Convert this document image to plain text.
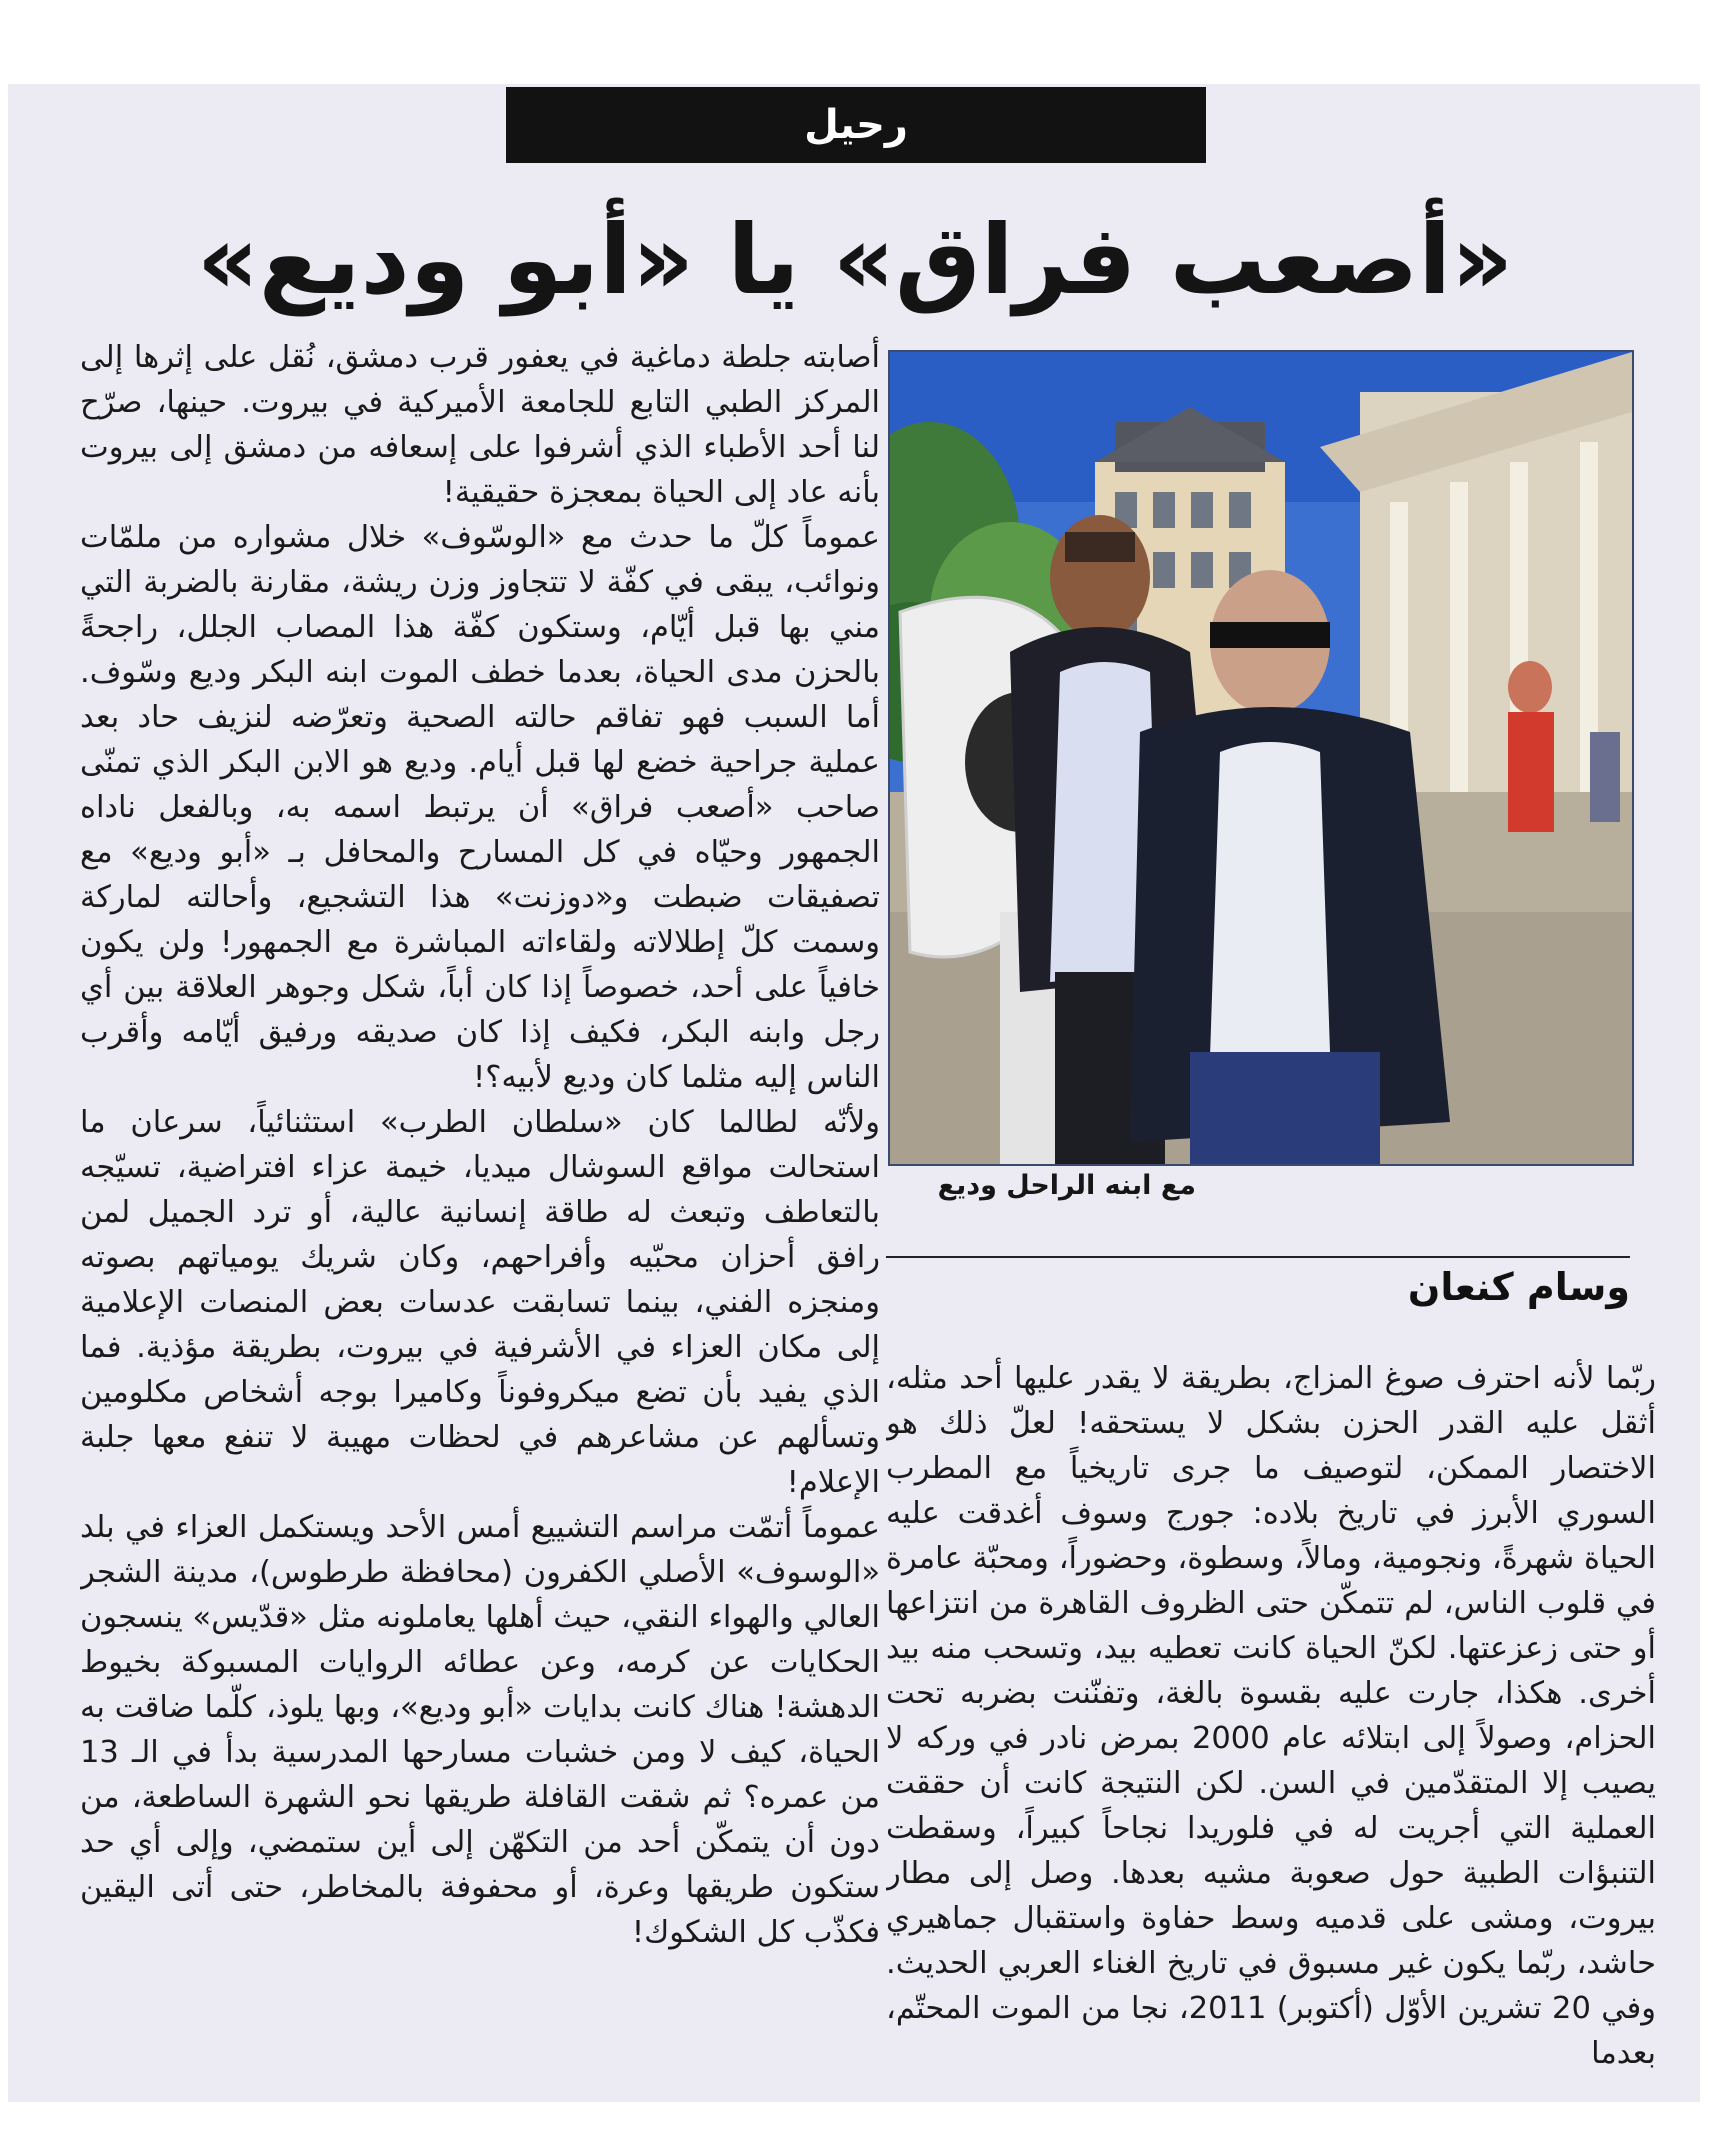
رحيل
«أصعب فراق» يا «أبو وديع»
مع ابنه الراحل وديع
وسام كنعان

أصابته جلطة دماغية في يعفور قرب دمشق، نُقل على إثرها إلى المركز الطبي التابع للجامعة الأميركية في بيروت. حينها، صرّح لنا أحد الأطباء الذي أشرفوا على إسعافه من دمشق إلى بيروت بأنه عاد إلى الحياة بمعجزة حقيقية!

عموماً كلّ ما حدث مع «الوسّوف» خلال مشواره من ملمّات ونوائب، يبقى في كفّة لا تتجاوز وزن ريشة، مقارنة بالضربة التي مني بها قبل أيّام، وستكون كفّة هذا المصاب الجلل، راجحةً بالحزن مدى الحياة، بعدما خطف الموت ابنه البكر وديع وسّوف. أما السبب فهو تفاقم حالته الصحية وتعرّضه لنزيف حاد بعد عملية جراحية خضع لها قبل أيام. وديع هو الابن البكر الذي تمنّى صاحب «أصعب فراق» أن يرتبط اسمه به، وبالفعل ناداه الجمهور وحيّاه في كل المسارح والمحافل بـ «أبو وديع» مع تصفيقات ضبطت و«دوزنت» هذا التشجيع، وأحالته لماركة وسمت كلّ إطلالاته ولقاءاته المباشرة مع الجمهور! ولن يكون خافياً على أحد، خصوصاً إذا كان أباً، شكل وجوهر العلاقة بين أي رجل وابنه البكر، فكيف إذا كان صديقه ورفيق أيّامه وأقرب الناس إليه مثلما كان وديع لأبيه؟!

ولأنّه لطالما كان «سلطان الطرب» استثنائياً، سرعان ما استحالت مواقع السوشال ميديا، خيمة عزاء افتراضية، تسيّجه بالتعاطف وتبعث له طاقة إنسانية عالية، أو ترد الجميل لمن رافق أحزان محبّيه وأفراحهم، وكان شريك يومياتهم بصوته ومنجزه الفني، بينما تسابقت عدسات بعض المنصات الإعلامية إلى مكان العزاء في الأشرفية في بيروت، بطريقة مؤذية. فما الذي يفيد بأن تضع ميكروفوناً وكاميرا بوجه أشخاص مكلومين وتسألهم عن مشاعرهم في لحظات مهيبة لا تنفع معها جلبة الإعلام!

عموماً أتمّت مراسم التشييع أمس الأحد ويستكمل العزاء في بلد «الوسوف» الأصلي الكفرون (محافظة طرطوس)، مدينة الشجر العالي والهواء النقي، حيث أهلها يعاملونه مثل «قدّيس» ينسجون الحكايات عن كرمه، وعن عطائه الروايات المسبوكة بخيوط الدهشة! هناك كانت بدايات «أبو وديع»، وبها يلوذ، كلّما ضاقت به الحياة، كيف لا ومن خشبات مسارحها المدرسية بدأ في الـ 13 من عمره؟ ثم شقت القافلة طريقها نحو الشهرة الساطعة، من دون أن يتمكّن أحد من التكهّن إلى أين ستمضي، وإلى أي حد ستكون طريقها وعرة، أو محفوفة بالمخاطر، حتى أتى اليقين فكذّب كل الشكوك!

ربّما لأنه احترف صوغ المزاج، بطريقة لا يقدر عليها أحد مثله، أثقل عليه القدر الحزن بشكل لا يستحقه! لعلّ ذلك هو الاختصار الممكن، لتوصيف ما جرى تاريخياً مع المطرب السوري الأبرز في تاريخ بلاده: جورج وسوف أغدقت عليه الحياة شهرةً، ونجومية، ومالاً، وسطوة، وحضوراً، ومحبّة عامرة في قلوب الناس، لم تتمكّن حتى الظروف القاهرة من انتزاعها أو حتى زعزعتها. لكنّ الحياة كانت تعطيه بيد، وتسحب منه بيد أخرى. هكذا، جارت عليه بقسوة بالغة، وتفنّنت بضربه تحت الحزام، وصولاً إلى ابتلائه عام 2000 بمرض نادر في وركه لا يصيب إلا المتقدّمين في السن. لكن النتيجة كانت أن حققت العملية التي أجريت له في فلوريدا نجاحاً كبيراً، وسقطت التنبؤات الطبية حول صعوبة مشيه بعدها. وصل إلى مطار بيروت، ومشى على قدميه وسط حفاوة واستقبال جماهيري حاشد، ربّما يكون غير مسبوق في تاريخ الغناء العربي الحديث. وفي 20 تشرين الأوّل (أكتوبر) 2011، نجا من الموت المحتّم، بعدما
